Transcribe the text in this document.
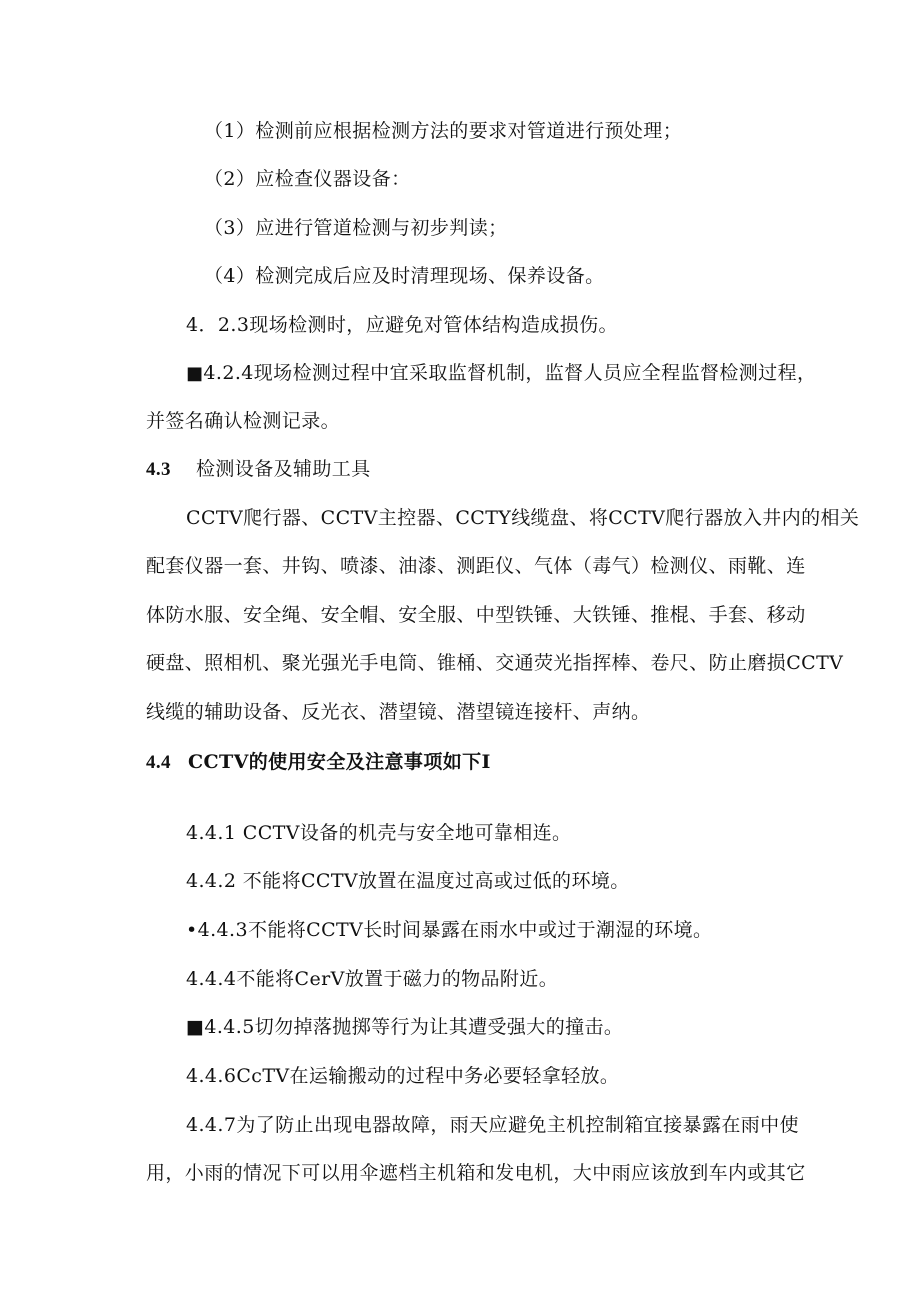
（1）检测前应根据检测方法的要求对管道进行预处理；
（2）应检查仪器设备：
（3）应进行管道检测与初步判读；
（4）检测完成后应及时清理现场、保养设备。
4．2.3现场检测时，应避免对管体结构造成损伤。
■4.2.4现场检测过程中宜采取监督机制，监督人员应全程监督检测过程，
并签名确认检测记录。
4.3 检测设备及辅助工具
CCTV爬行器、CCTV主控器、CCTY线缆盘、将CCTV爬行器放入井内的相关
配套仪器一套、井钩、喷漆、油漆、测距仪、气体（毒气）检测仪、雨靴、连
体防水服、安全绳、安全帽、安全服、中型铁锤、大铁锤、推棍、手套、移动
硬盘、照相机、聚光强光手电筒、锥桶、交通荧光指挥棒、卷尺、防止磨损CCTV
线缆的辅助设备、反光衣、潜望镜、潜望镜连接杆、声纳。
4.4 CCTV的使用安全及注意事项如下I
4.4.1 CCTV设备的机壳与安全地可靠相连。
4.4.2 不能将CCTV放置在温度过高或过低的环境。
•4.4.3不能将CCTV长时间暴露在雨水中或过于潮湿的环境。
4.4.4不能将CerV放置于磁力的物品附近。
■4.4.5切勿掉落抛掷等行为让其遭受强大的撞击。
4.4.6CcTV在运输搬动的过程中务必要轻拿轻放。
4.4.7为了防止出现电器故障，雨天应避免主机控制箱宜接暴露在雨中使
用，小雨的情况下可以用伞遮档主机箱和发电机，大中雨应该放到车内或其它
